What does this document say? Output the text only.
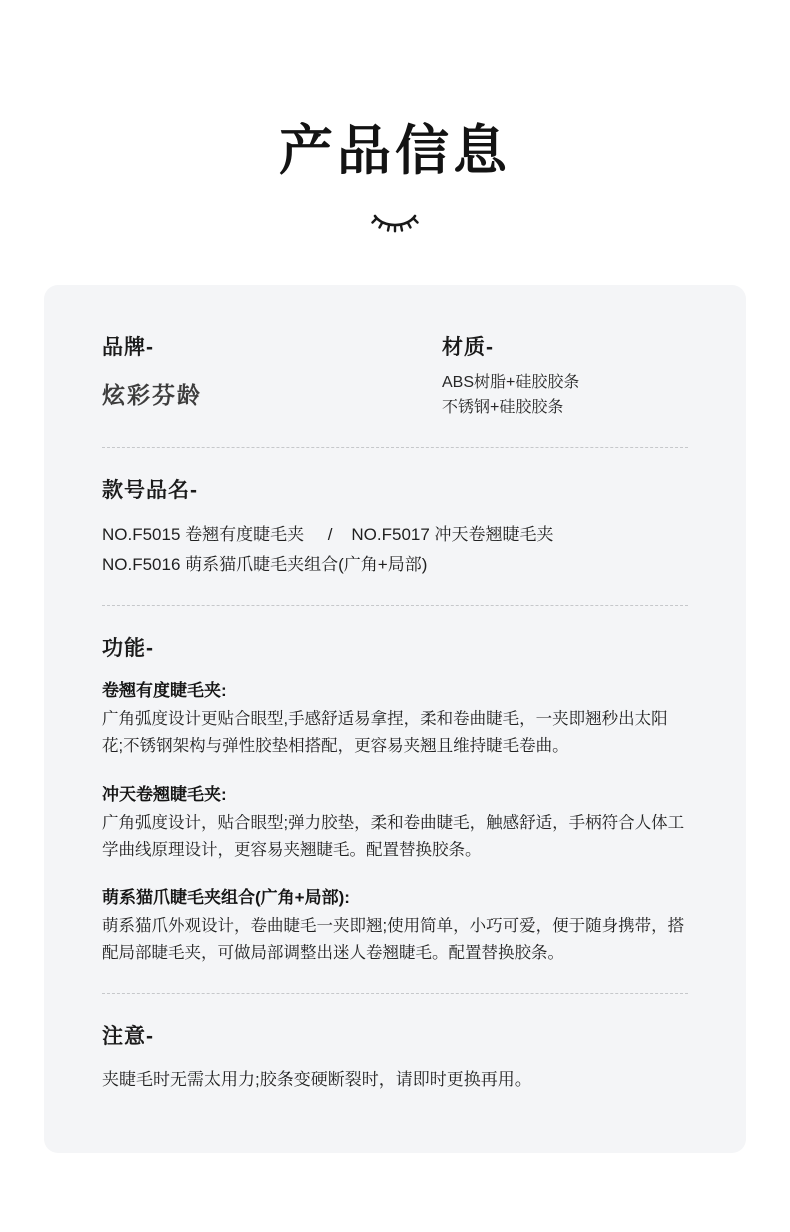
产品信息
品牌-
炫彩芬龄
材质-
ABS树脂+硅胶胶条
不锈钢+硅胶胶条
款号品名-
NO.F5015 卷翘有度睫毛夹     /    NO.F5017 冲天卷翘睫毛夹
NO.F5016 萌系猫爪睫毛夹组合(广角+局部)
功能-
卷翘有度睫毛夹:
广角弧度设计更贴合眼型,手感舒适易拿捏，柔和卷曲睫毛，一夹即翘秒出太阳花;不锈钢架构与弹性胶垫相搭配，更容易夹翘且维持睫毛卷曲。
冲天卷翘睫毛夹:
广角弧度设计，贴合眼型;弹力胶垫，柔和卷曲睫毛，触感舒适，手柄符合人体工学曲线原理设计，更容易夹翘睫毛。配置替换胶条。
萌系猫爪睫毛夹组合(广角+局部):
萌系猫爪外观设计，卷曲睫毛一夹即翘;使用简单，小巧可爱，便于随身携带，搭配局部睫毛夹，可做局部调整出迷人卷翘睫毛。配置替换胶条。
注意-
夹睫毛时无需太用力;胶条变硬断裂时，请即时更换再用。
